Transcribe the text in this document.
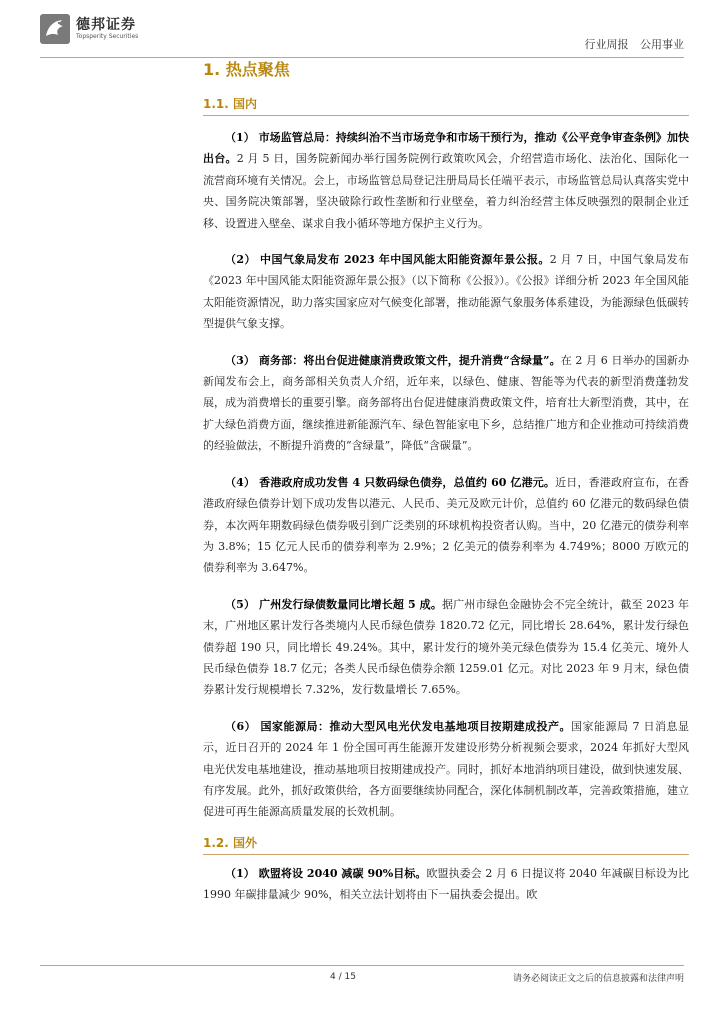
德邦证券
Topsperity Securities
行业周报 公用事业
1. 热点聚焦
1.1. 国内

（1） 市场监管总局：持续纠治不当市场竞争和市场干预行为，推动《公平竞争审查条例》加快出台。2 月 5 日，国务院新闻办举行国务院例行政策吹风会，介绍营造市场化、法治化、国际化一流营商环境有关情况。会上，市场监管总局登记注册局局长任端平表示，市场监管总局认真落实党中央、国务院决策部署，坚决破除行政性垄断和行业壁垒，着力纠治经营主体反映强烈的限制企业迁移、设置进入壁垒、谋求自我小循环等地方保护主义行为。

（2） 中国气象局发布 2023 年中国风能太阳能资源年景公报。2 月 7 日，中国气象局发布《2023 年中国风能太阳能资源年景公报》（以下简称《公报》）。《公报》详细分析 2023 年全国风能太阳能资源情况，助力落实国家应对气候变化部署，推动能源气象服务体系建设，为能源绿色低碳转型提供气象支撑。

（3） 商务部：将出台促进健康消费政策文件，提升消费“含绿量”。在 2 月 6 日举办的国新办新闻发布会上，商务部相关负责人介绍，近年来，以绿色、健康、智能等为代表的新型消费蓬勃发展，成为消费增长的重要引擎。商务部将出台促进健康消费政策文件，培育壮大新型消费，其中，在扩大绿色消费方面，继续推进新能源汽车、绿色智能家电下乡，总结推广地方和企业推动可持续消费的经验做法，不断提升消费的“含绿量”，降低“含碳量”。

（4） 香港政府成功发售 4 只数码绿色债券，总值约 60 亿港元。近日，香港政府宣布，在香港政府绿色债券计划下成功发售以港元、人民币、美元及欧元计价，总值约 60 亿港元的数码绿色债券，本次两年期数码绿色债券吸引到广泛类别的环球机构投资者认购。当中，20 亿港元的债券利率为 3.8%；15 亿元人民币的债券利率为 2.9%；2 亿美元的债券利率为 4.749%；8000 万欧元的债券利率为 3.647%。

（5） 广州发行绿债数量同比增长超 5 成。据广州市绿色金融协会不完全统计，截至 2023 年末，广州地区累计发行各类境内人民币绿色债券 1820.72 亿元，同比增长 28.64%，累计发行绿色债券超 190 只，同比增长 49.24%。其中，累计发行的境外美元绿色债券为 15.4 亿美元、境外人民币绿色债券 18.7 亿元；各类人民币绿色债券余额 1259.01 亿元。对比 2023 年 9 月末，绿色债券累计发行规模增长 7.32%，发行数量增长 7.65%。

（6） 国家能源局：推动大型风电光伏发电基地项目按期建成投产。国家能源局 7 日消息显示，近日召开的 2024 年 1 份全国可再生能源开发建设形势分析视频会要求，2024 年抓好大型风电光伏发电基地建设，推动基地项目按期建成投产。同时，抓好本地消纳项目建设，做到快速发展、有序发展。此外，抓好政策供给，各方面要继续协同配合，深化体制机制改革，完善政策措施，建立促进可再生能源高质量发展的长效机制。

1.2. 国外

（1） 欧盟将设 2040 减碳 90%目标。欧盟执委会 2 月 6 日提议将 2040 年减碳目标设为比 1990 年碳排量减少 90%，相关立法计划将由下一届执委会提出。欧

4 / 15	请务必阅读正文之后的信息披露和法律声明
